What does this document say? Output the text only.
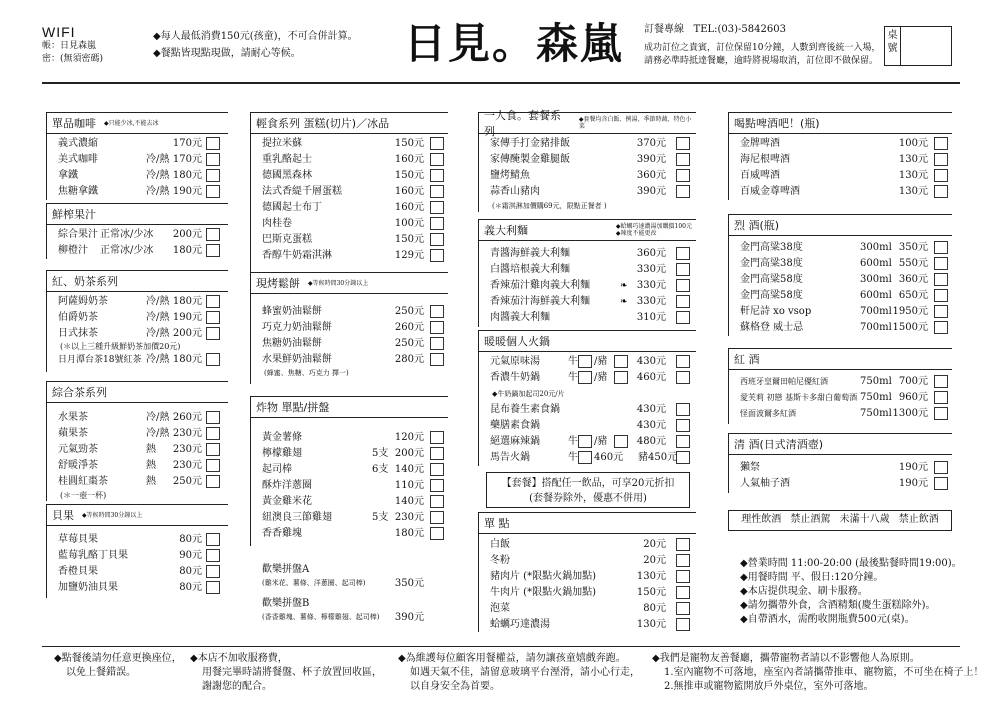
WIFI
帳：日見森嵐
密：(無須密碼)
◆每人最低消費150元(孩童)，不可合併計算。
◆餐點皆現點現做，請耐心等候。	日見。森嵐	訂餐專線 TEL:(03)-5842603
成功訂位之貴賓，訂位保留10分鐘，人數到齊後統一入場，
請務必準時抵達餐廳，逾時將視場取消，訂位即不做保留。
桌號
單品咖啡 ◆只能少冰,不能去冰
義式濃縮	170元
美式咖啡	冷/熱 170元
拿鐵	冷/熱 180元
焦糖拿鐵	冷/熱 190元
鮮榨果汁
綜合果汁 正常冰/少冰 200元
柳橙汁 正常冰/少冰 180元
紅、奶茶系列
阿薩姆奶茶	冷/熱 180元
伯爵奶茶	冷/熱 190元
日式抹茶	冷/熱 200元
(＊以上三種升級鮮奶茶加價20元)
日月潭台茶18號紅茶 冷/熱 180元
綜合茶系列
水果茶	冷/熱 260元
蘋果茶	冷/熱 230元
元氣勁茶	熱 230元
舒暖淨茶	熱 230元
桂圓紅棗茶	熱 250元
(＊一壺一杯)
貝果 ◆等候時間30分鐘以上
草莓貝果	80元
藍莓乳酪丁貝果	90元
香橙貝果	80元
加鹽奶油貝果	80元
輕食系列 蛋糕(切片)／冰品
提拉米蘇	150元
重乳酪起士	160元
德國黑森林	150元
法式香緹千層蛋糕	160元
德國起士布丁	160元
肉桂卷	100元
巴斯克蛋糕	150元
香醇牛奶霜淇淋	129元
現烤鬆餅 ◆等候時間30分鐘以上
蜂蜜奶油鬆餅	250元
巧克力奶油鬆餅	260元
焦糖奶油鬆餅	250元
水果鮮奶油鬆餅	280元
(蜂蜜、焦糖、巧克力 擇一)
炸物 單點/拼盤
黃金薯條	120元
檸檬雞翅	5支 200元
起司棒	6支 140元
酥炸洋蔥圈	110元
黃金雞米花	140元
紐澳良三節雞翅	5支 230元
香香雞塊	180元
歡樂拼盤A
(雞米花、薯條、洋蔥圈、起司棒)	350元
歡樂拼盤B
(香香雞塊、薯條、檸檬雞翅、起司棒)	390元
一人食。套餐系列
◆套餐均含白飯、例湯、季節時蔬、特色小菜
家傳手打金豬排飯	370元
家傳醃製金雞腿飯	390元
鹽烤鯖魚	360元
蒜香山豬肉	390元
(＊霜淇淋加價購69元，限點正餐者 )
義大利麵	◆蛤蠣巧達濃湯加購價100元
◆辣度不能更改
青醬海鮮義大利麵	360元
白醬培根義大利麵	330元
香辣茄汁雞肉義大利麵	330元
❧
香辣茄汁海鮮義大利麵	330元
❧
肉醬義大利麵	310元
暖暖個人火鍋
元氣原味湯	牛 /豬	430元
香濃牛奶鍋	牛 /豬	460元
◆牛奶鍋加起司20元/片
昆布養生素食鍋	430元
藥膳素食鍋	430元
絕選麻辣鍋	牛 /豬	480元
馬告火鍋	牛 460元 豬450元
【套餐】搭配任一飲品，可享20元折扣
(套餐券除外，優惠不併用)
單 點
白飯	20元
冬粉	20元
豬肉片 (*限點火鍋加點)	130元
牛肉片 (*限點火鍋加點)	150元
泡菜	80元
蛤蠣巧達濃湯	130元
喝點啤酒吧！(瓶)
金牌啤酒	100元
海尼根啤酒	130元
百威啤酒	130元
百威金尊啤酒	130元
烈 酒(瓶)
金門高粱38度	300ml 350元
金門高粱38度	600ml 550元
金門高粱58度	300ml 360元
金門高粱58度	600ml 650元
軒尼詩 xo vsop	700ml 1950元
蘇格登 威士忌	700ml 1500元
紅 酒
西班牙皇爾田帕尼優紅酒	750ml 700元
愛芙莉 初戀 基斯卡多甜白葡萄酒 750ml 960元
怪面波爾多紅酒	750ml 1300元
清 酒(日式清酒壺)
獺祭	190元
人氣柚子酒	190元
理性飲酒 禁止酒駕 未滿十八歲 禁止飲酒
◆營業時間 11:00-20:00 (最後點餐時間19:00)。
◆用餐時間 平、假日:120分鐘。
◆本店提供現金、刷卡服務。
◆請勿攜帶外食，含酒精類(慶生蛋糕除外)。
◆自帶酒水，需酌收開瓶費500元(桌)。
◆點餐後請勿任意更換座位，
以免上餐錯誤。
◆本店不加收服務費，
用餐完畢時請將餐盤、杯子放置回收區，
謝謝您的配合。
◆為維護每位顧客用餐權益，請勿讓孩童嬉戲奔跑。
如遇天氣不佳，請留意玻璃平台溼滑，請小心行走，
以自身安全為首要。
◆我們是寵物友善餐廳，攜帶寵物者請以不影響他人為原則。
1.室內寵物不可落地，座室內者請攜帶推車、寵物籃，不可坐在椅子上！
2.無推車或寵物籃開放戶外桌位，室外可落地。
